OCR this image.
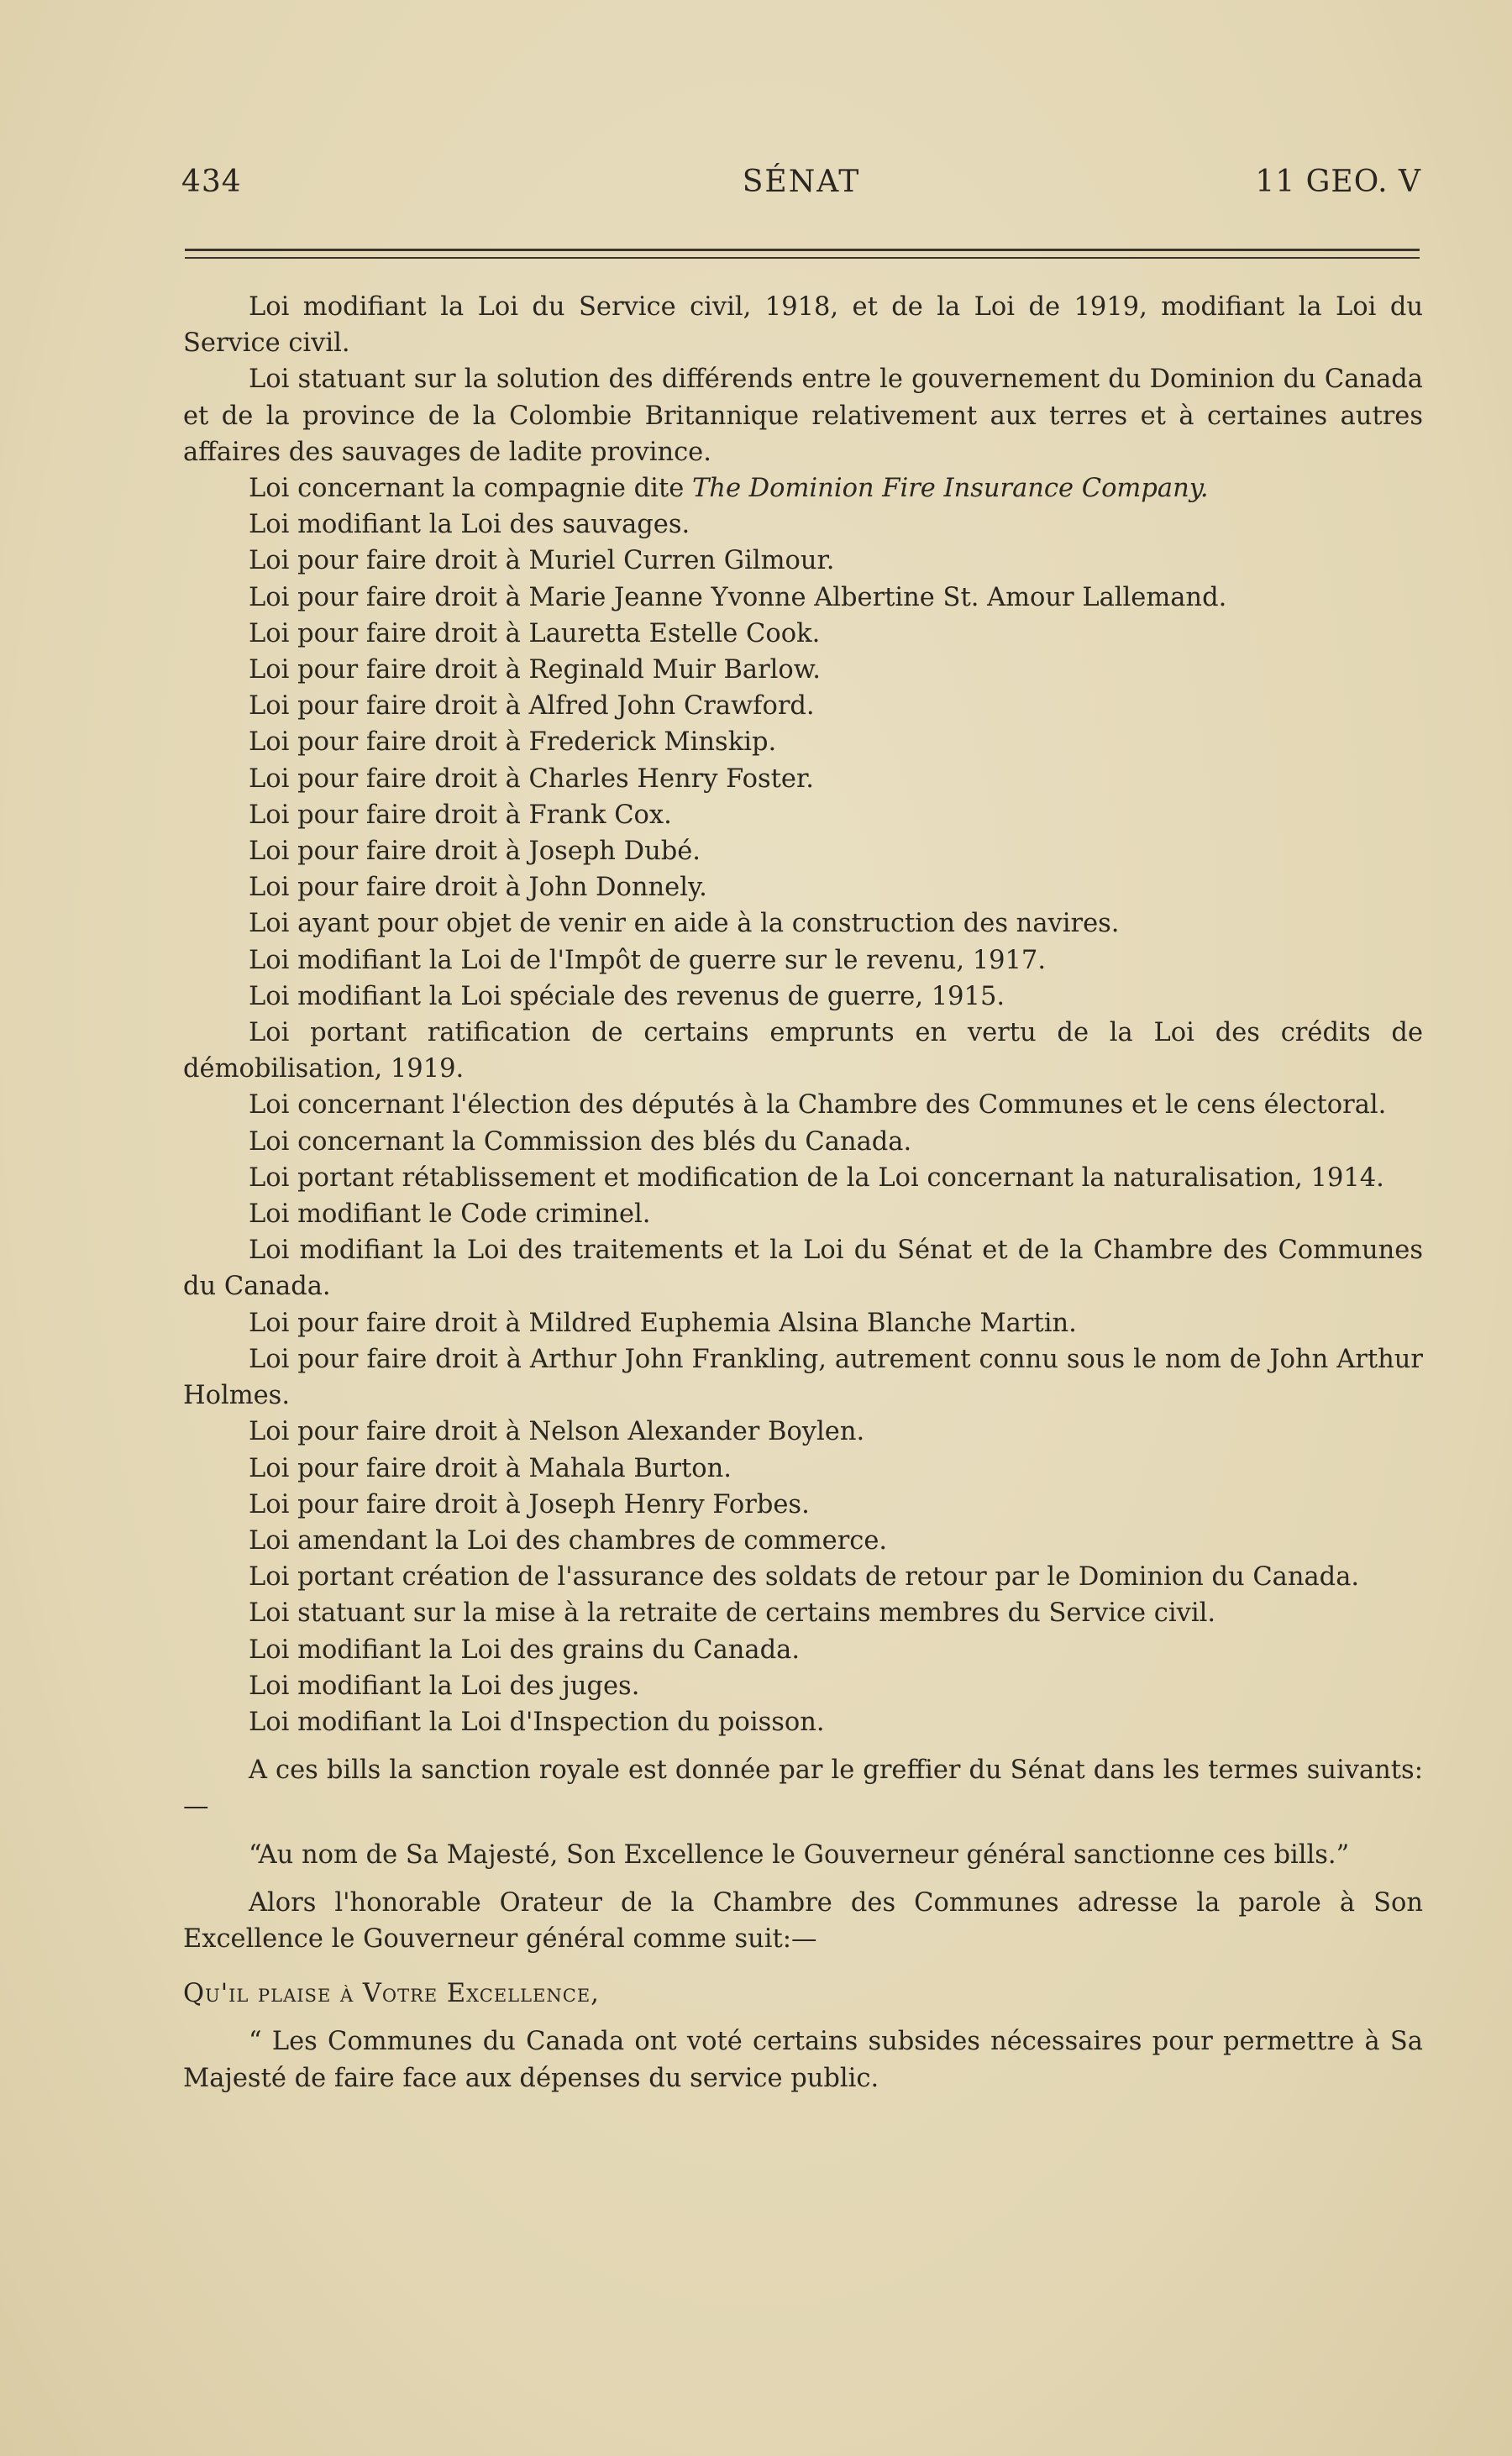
434	SÉNAT	11 GEO. V

Loi modifiant la Loi du Service civil, 1918, et de la Loi de 1919, modifiant la Loi du Service civil.

Loi statuant sur la solution des différends entre le gouvernement du Dominion du Canada et de la province de la Colombie Britannique relativement aux terres et à certaines autres affaires des sauvages de ladite province.

Loi concernant la compagnie dite The Dominion Fire Insurance Company.

Loi modifiant la Loi des sauvages.

Loi pour faire droit à Muriel Curren Gilmour.

Loi pour faire droit à Marie Jeanne Yvonne Albertine St. Amour Lallemand.

Loi pour faire droit à Lauretta Estelle Cook.

Loi pour faire droit à Reginald Muir Barlow.

Loi pour faire droit à Alfred John Crawford.

Loi pour faire droit à Frederick Minskip.

Loi pour faire droit à Charles Henry Foster.

Loi pour faire droit à Frank Cox.

Loi pour faire droit à Joseph Dubé.

Loi pour faire droit à John Donnely.

Loi ayant pour objet de venir en aide à la construction des navires.

Loi modifiant la Loi de l'Impôt de guerre sur le revenu, 1917.

Loi modifiant la Loi spéciale des revenus de guerre, 1915.

Loi portant ratification de certains emprunts en vertu de la Loi des crédits de démobilisation, 1919.

Loi concernant l'élection des députés à la Chambre des Communes et le cens électoral.

Loi concernant la Commission des blés du Canada.

Loi portant rétablissement et modification de la Loi concernant la naturalisation, 1914.

Loi modifiant le Code criminel.

Loi modifiant la Loi des traitements et la Loi du Sénat et de la Chambre des Communes du Canada.

Loi pour faire droit à Mildred Euphemia Alsina Blanche Martin.

Loi pour faire droit à Arthur John Frankling, autrement connu sous le nom de John Arthur Holmes.

Loi pour faire droit à Nelson Alexander Boylen.

Loi pour faire droit à Mahala Burton.

Loi pour faire droit à Joseph Henry Forbes.

Loi amendant la Loi des chambres de commerce.

Loi portant création de l'assurance des soldats de retour par le Dominion du Canada.

Loi statuant sur la mise à la retraite de certains membres du Service civil.

Loi modifiant la Loi des grains du Canada.

Loi modifiant la Loi des juges.

Loi modifiant la Loi d'Inspection du poisson.

A ces bills la sanction royale est donnée par le greffier du Sénat dans les termes suivants:—

“Au nom de Sa Majesté, Son Excellence le Gouverneur général sanctionne ces bills.”

Alors l'honorable Orateur de la Chambre des Communes adresse la parole à Son Excellence le Gouverneur général comme suit:—

Qu'il plaise à Votre Excellence,

“ Les Communes du Canada ont voté certains subsides nécessaires pour permettre à Sa Majesté de faire face aux dépenses du service public.
